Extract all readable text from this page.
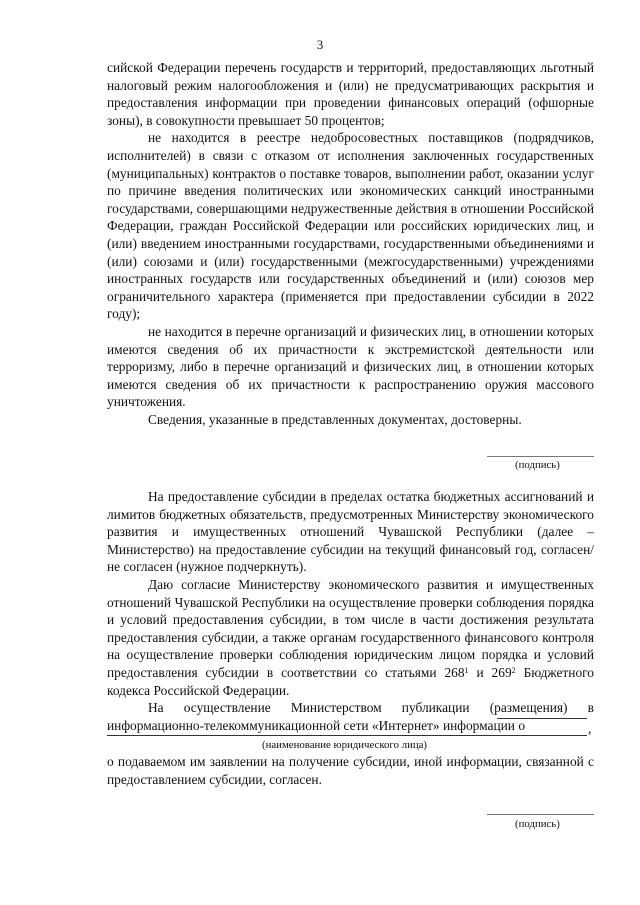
3

сийской Федерации перечень государств и территорий, предоставляющих льготный налоговый режим налогообложения и (или) не предусматривающих раскрытия и предоставления информации при проведении финансовых операций (офшорные зоны), в совокупности превышает 50 процентов;

не находится в реестре недобросовестных поставщиков (подрядчиков, исполнителей) в связи с отказом от исполнения заключенных государственных (муниципальных) контрактов о поставке товаров, выполнении работ, оказании услуг по причине введения политических или экономических санкций иностранными государствами, совершающими недружественные действия в отношении Российской Федерации, граждан Российской Федерации или российских юридических лиц, и (или) введением иностранными государствами, государственными объединениями и (или) союзами и (или) государственными (межгосударственными) учреждениями иностранных государств или государственных объединений и (или) союзов мер ограничительного характера (применяется при предоставлении субсидии в 2022 году);

не находится в перечне организаций и физических лиц, в отношении которых имеются сведения об их причастности к экстремистской деятельности или терроризму, либо в перечне организаций и физических лиц, в отношении которых имеются сведения об их причастности к распространению оружия массового уничтожения.

Сведения, указанные в представленных документах, достоверны.

(подпись)

На предоставление субсидии в пределах остатка бюджетных ассигнований и лимитов бюджетных обязательств, предусмотренных Министерству экономического развития и имущественных отношений Чувашской Республики (далее – Министерство) на предоставление субсидии на текущий финансовый год, согласен/не согласен (нужное подчеркнуть).

Даю согласие Министерству экономического развития и имущественных отношений Чувашской Республики на осуществление проверки соблюдения порядка и условий предоставления субсидии, в том числе в части достижения результата предоставления субсидии, а также органам государственного финансового контроля на осуществление проверки соблюдения юридическим лицом порядка и условий предоставления субсидии в соответствии со статьями $268^1$ и $269^2$ Бюджетного кодекса Российской Федерации.

На осуществление Министерством публикации (размещения) в информационно-телекоммуникационной сети «Интернет» информации о	,
(наименование юридического лица)

о подаваемом им заявлении на получение субсидии, иной информации, связанной с предоставлением субсидии, согласен.

(подпись)
